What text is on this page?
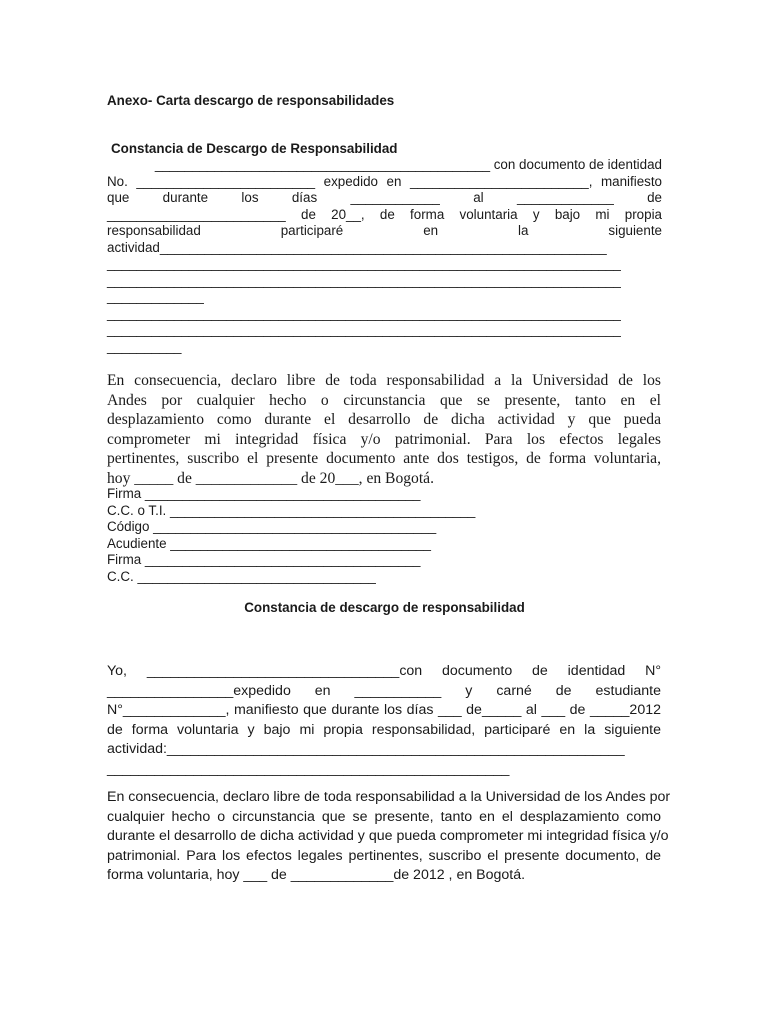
Anexo- Carta descargo de responsabilidades
Constancia de Descargo de Responsabilidad
_____________________________________________ con documento de identidad
No. ________________________ expedido en ________________________, manifiesto
que durante los días ____________ al _____________ de
________________________ de 20__, de forma voluntaria y bajo mi propia
responsabilidad participaré en la siguiente
actividad____________________________________________________________
_____________________________________________________________________
_____________________________________________________________________
_____________
_____________________________________________________________________
_____________________________________________________________________
__________
En consecuencia, declaro libre de toda responsabilidad a la Universidad de los
Andes por cualquier hecho o circunstancia que se presente, tanto en el
desplazamiento como durante el desarrollo de dicha actividad y que pueda
comprometer mi integridad física y/o patrimonial. Para los efectos legales
pertinentes, suscribo el presente documento ante dos testigos, de forma voluntaria,
hoy _____ de _____________ de 20___, en Bogotá.
Firma _____________________________________
C.C. o T.I. _________________________________________
Código ______________________________________
Acudiente ___________________________________
Firma _____________________________________
C.C. ________________________________
Constancia de descargo de responsabilidad
Yo, ________________________________con documento de identidad N°
________________expedido en ___________ y carné de estudiante
N°_____________, manifiesto que durante los días ___ de_____ al ___ de _____2012
de forma voluntaria y bajo mi propia responsabilidad, participaré en la siguiente
actividad:__________________________________________________________
___________________________________________________
En consecuencia, declaro libre de toda responsabilidad a la Universidad de los Andes por
cualquier hecho o circunstancia que se presente, tanto en el desplazamiento como
durante el desarrollo de dicha actividad y que pueda comprometer mi integridad física y/o
patrimonial. Para los efectos legales pertinentes, suscribo el presente documento, de
forma voluntaria, hoy ___ de _____________de 2012 , en Bogotá.
